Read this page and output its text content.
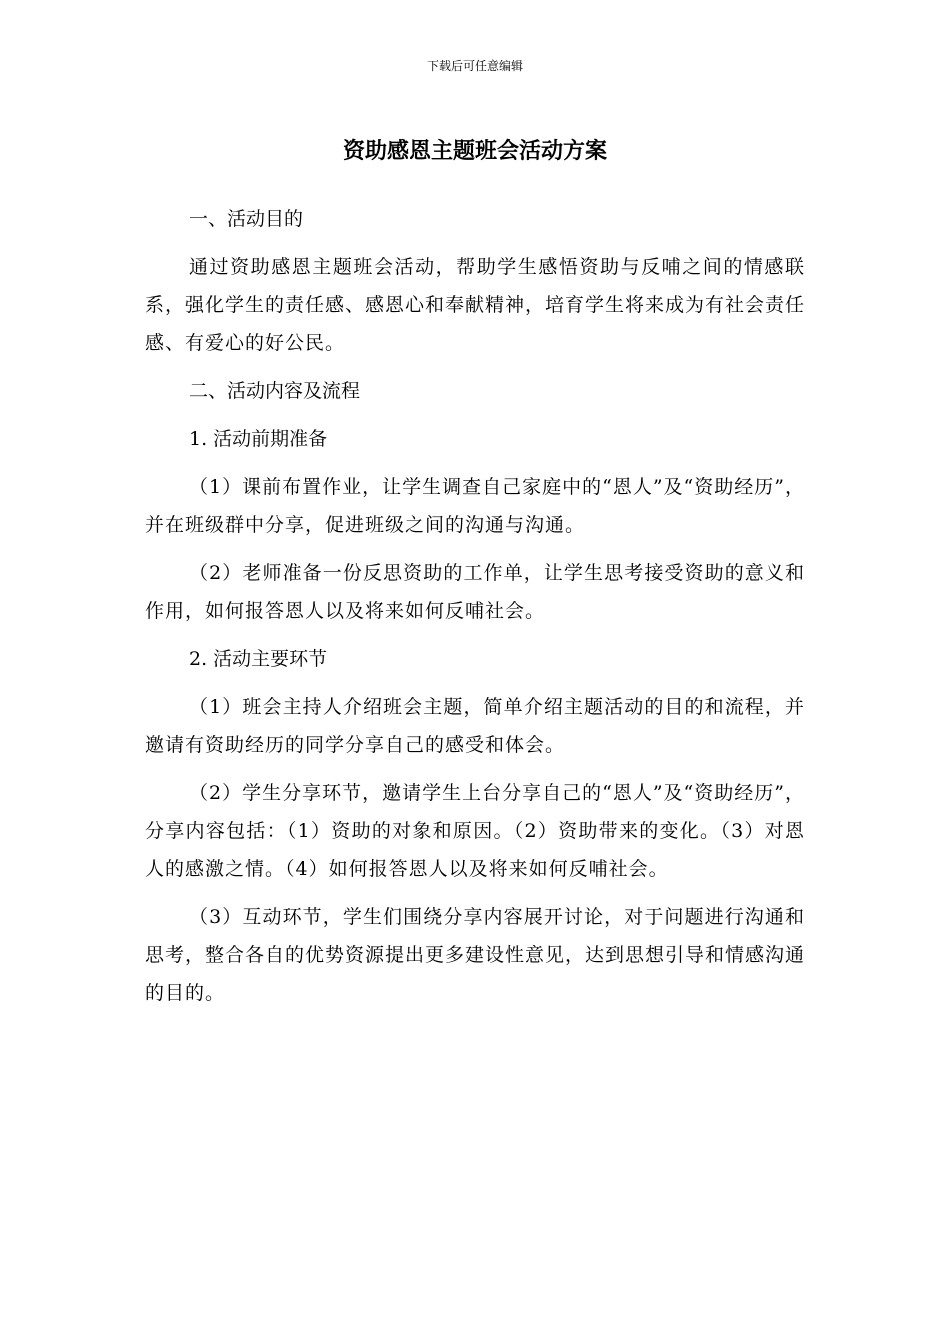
下载后可任意编辑
资助感恩主题班会活动方案
一、活动目的

通过资助感恩主题班会活动，帮助学生感悟资助与反哺之间的情感联系，强化学生的责任感、感恩心和奉献精神，培育学生将来成为有社会责任感、有爱心的好公民。

二、活动内容及流程
1. 活动前期准备

（1）课前布置作业，让学生调查自己家庭中的“恩人”及“资助经历”，并在班级群中分享，促进班级之间的沟通与沟通。

（2）老师准备一份反思资助的工作单，让学生思考接受资助的意义和作用，如何报答恩人以及将来如何反哺社会。

2. 活动主要环节

（1）班会主持人介绍班会主题，简单介绍主题活动的目的和流程，并邀请有资助经历的同学分享自己的感受和体会。

（2）学生分享环节，邀请学生上台分享自己的“恩人”及“资助经历”，分享内容包括：（1）资助的对象和原因。（2）资助带来的变化。（3）对恩人的感激之情。（4）如何报答恩人以及将来如何反哺社会。

（3）互动环节，学生们围绕分享内容展开讨论，对于问题进行沟通和思考，整合各自的优势资源提出更多建设性意见，达到思想引导和情感沟通的目的。
